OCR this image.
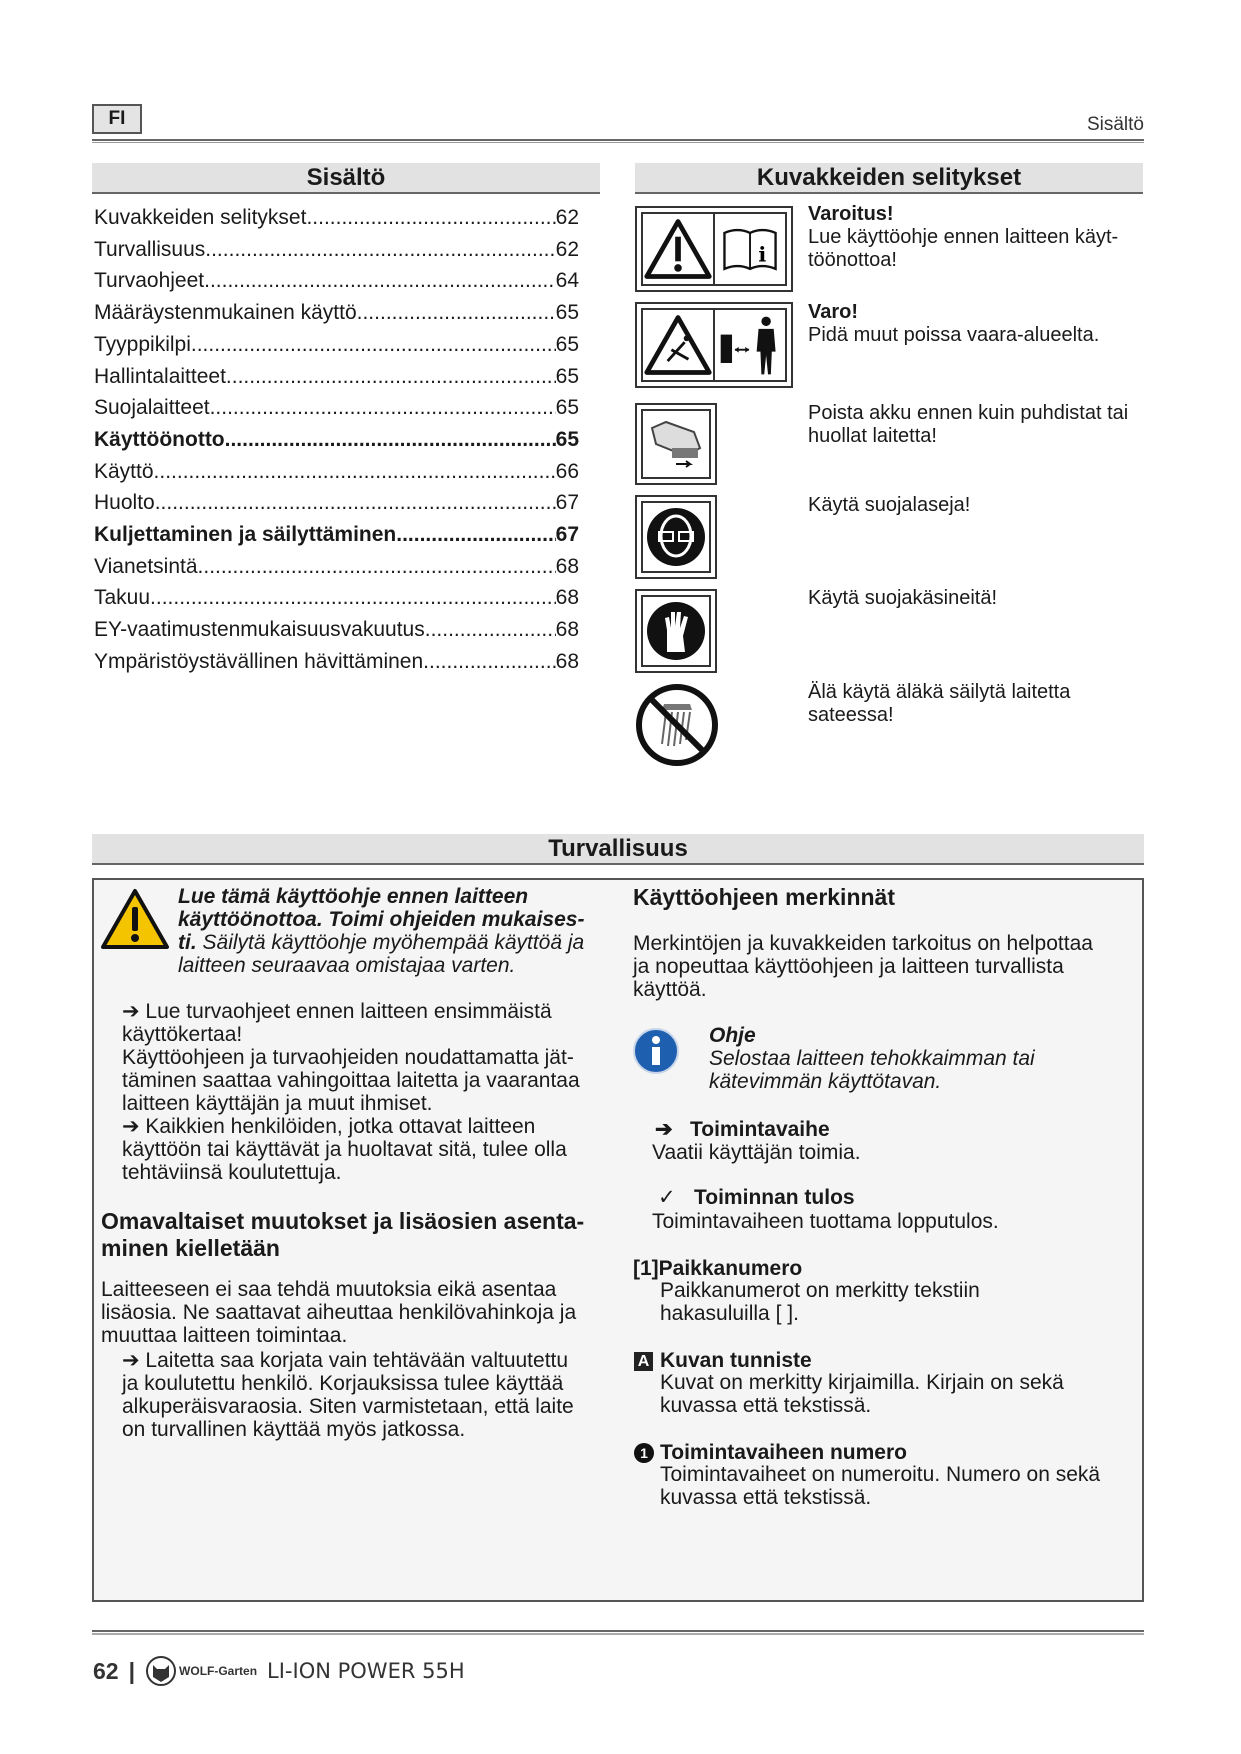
FI	Sisältö
Sisältö
Kuvakkeiden selitykset .....	62
Turvallisuus .....	62
Turvaohjeet .....	64
Määräystenmukainen käyttö .....	65
Tyyppikilpi .....	65
Hallintalaitteet .....	65
Suojalaitteet .....	65
Käyttöönotto .....	65
Käyttö .....	66
Huolto .....	67
Kuljettaminen ja säilyttäminen .....	67
Vianetsintä .....	68
Takuu .....	68
EY-vaatimustenmukaisuusvakuutus .....	68
Ympäristöystävällinen hävittäminen .....	68
Kuvakkeiden selitykset
i
Varoitus!
Lue käyttöohje ennen laitteen käyt-
töönottoa!
Varo!
Pidä muut poissa vaara-alueelta.
Poista akku ennen kuin puhdistat tai
huollat laitetta!
Käytä suojalaseja!
Käytä suojakäsineitä!
Älä käytä äläkä säilytä laitetta
sateessa!
Turvallisuus
Lue tämä käyttöohje ennen laitteen
käyttöönottoa. Toimi ohjeiden mukaises-
ti. Säilytä käyttöohje myöhempää käyttöä ja
laitteen seuraavaa omistajaa varten.
➔ Lue turvaohjeet ennen laitteen ensimmäistä
käyttökertaa!
Käyttöohjeen ja turvaohjeiden noudattamatta jät-
täminen saattaa vahingoittaa laitetta ja vaarantaa
laitteen käyttäjän ja muut ihmiset.
➔ Kaikkien henkilöiden, jotka ottavat laitteen
käyttöön tai käyttävät ja huoltavat sitä, tulee olla
tehtäviinsä koulutettuja.
Omavaltaiset muutokset ja lisäosien asenta-
minen kielletään
Laitteeseen ei saa tehdä muutoksia eikä asentaa
lisäosia. Ne saattavat aiheuttaa henkilövahinkoja ja
muuttaa laitteen toimintaa.
➔ Laitetta saa korjata vain tehtävään valtuutettu
ja koulutettu henkilö. Korjauksissa tulee käyttää
alkuperäisvaraosia. Siten varmistetaan, että laite
on turvallinen käyttää myös jatkossa.
Käyttöohjeen merkinnät
Merkintöjen ja kuvakkeiden tarkoitus on helpottaa
ja nopeuttaa käyttöohjeen ja laitteen turvallista
käyttöä.
Ohje
Selostaa laitteen tehokkaimman tai
kätevimmän käyttötavan.
➔ Toimintavaihe
Vaatii käyttäjän toimia.
✓ Toiminnan tulos
Toimintavaiheen tuottama lopputulos.
[1]Paikkanumero
Paikkanumerot on merkitty tekstiin
hakasuluilla [ ].
A Kuvan tunniste
Kuvat on merkitty kirjaimilla. Kirjain on sekä
kuvassa että tekstissä.
1 Toimintavaiheen numero
Toimintavaiheet on numeroitu. Numero on sekä
kuvassa että tekstissä.
62 |	WOLF-Garten LI-ION POWER 55H
